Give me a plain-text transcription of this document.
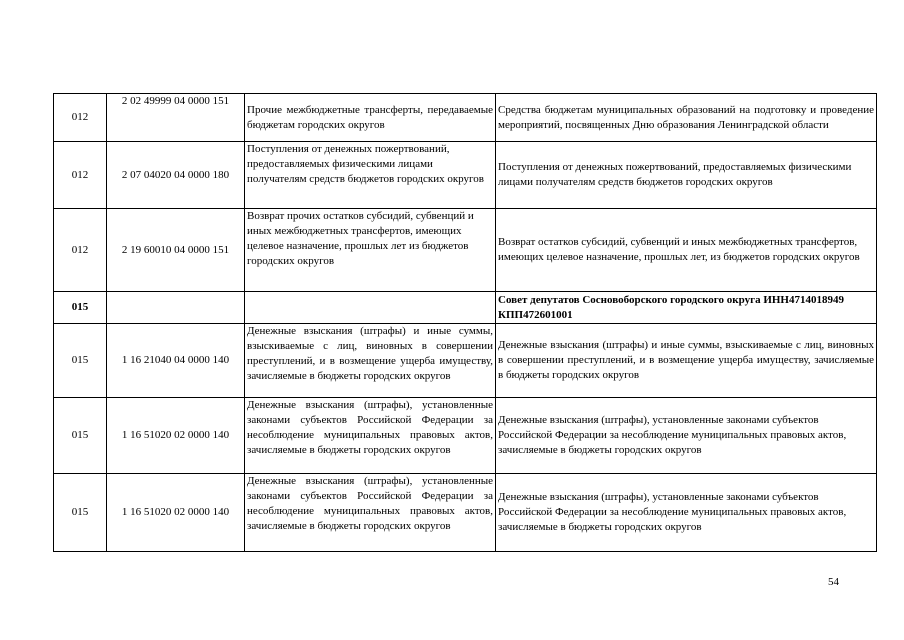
012	2 02 49999 04 0000 151	Прочие межбюджетные трансферты, передаваемые бюджетам городских округов	Средства бюджетам муниципальных образований на подготовку и проведение мероприятий, посвященных Дню образования Ленинградской области
012	2 07 04020 04 0000 180	Поступления от денежных пожертвований, предоставляемых физическими лицами получателям средств бюджетов городских округов	Поступления от денежных пожертвований, предоставляемых физическими лицами получателям средств бюджетов городских округов
012	2 19 60010 04 0000 151	Возврат прочих остатков субсидий, субвенций и иных межбюджетных трансфертов, имеющих целевое назначение, прошлых лет из бюджетов городских округов	Возврат остатков субсидий, субвенций и иных межбюджетных трансфертов, имеющих целевое назначение, прошлых лет, из бюджетов городских округов
015			Совет депутатов Сосновоборского городского округа ИНН4714018949 КПП472601001
015	1 16 21040 04 0000 140	Денежные взыскания (штрафы) и иные суммы, взыскиваемые с лиц, виновных в совершении преступлений, и в возмещение ущерба имуществу, зачисляемые в бюджеты городских округов	Денежные взыскания (штрафы) и иные суммы, взыскиваемые с лиц, виновных в совершении преступлений, и в возмещение ущерба имуществу, зачисляемые в бюджеты городских округов
015	1 16 51020 02 0000 140	Денежные взыскания (штрафы), установленные законами субъектов Российской Федерации за несоблюдение муниципальных правовых актов, зачисляемые в бюджеты городских округов	Денежные взыскания (штрафы), установленные законами субъектов Российской Федерации за несоблюдение муниципальных правовых актов, зачисляемые в бюджеты городских округов
015	1 16 51020 02 0000 140	Денежные взыскания (штрафы), установленные законами субъектов Российской Федерации за несоблюдение муниципальных правовых актов, зачисляемые в бюджеты городских округов	Денежные взыскания (штрафы), установленные законами субъектов Российской Федерации за несоблюдение муниципальных правовых актов, зачисляемые в бюджеты городских округов
54
